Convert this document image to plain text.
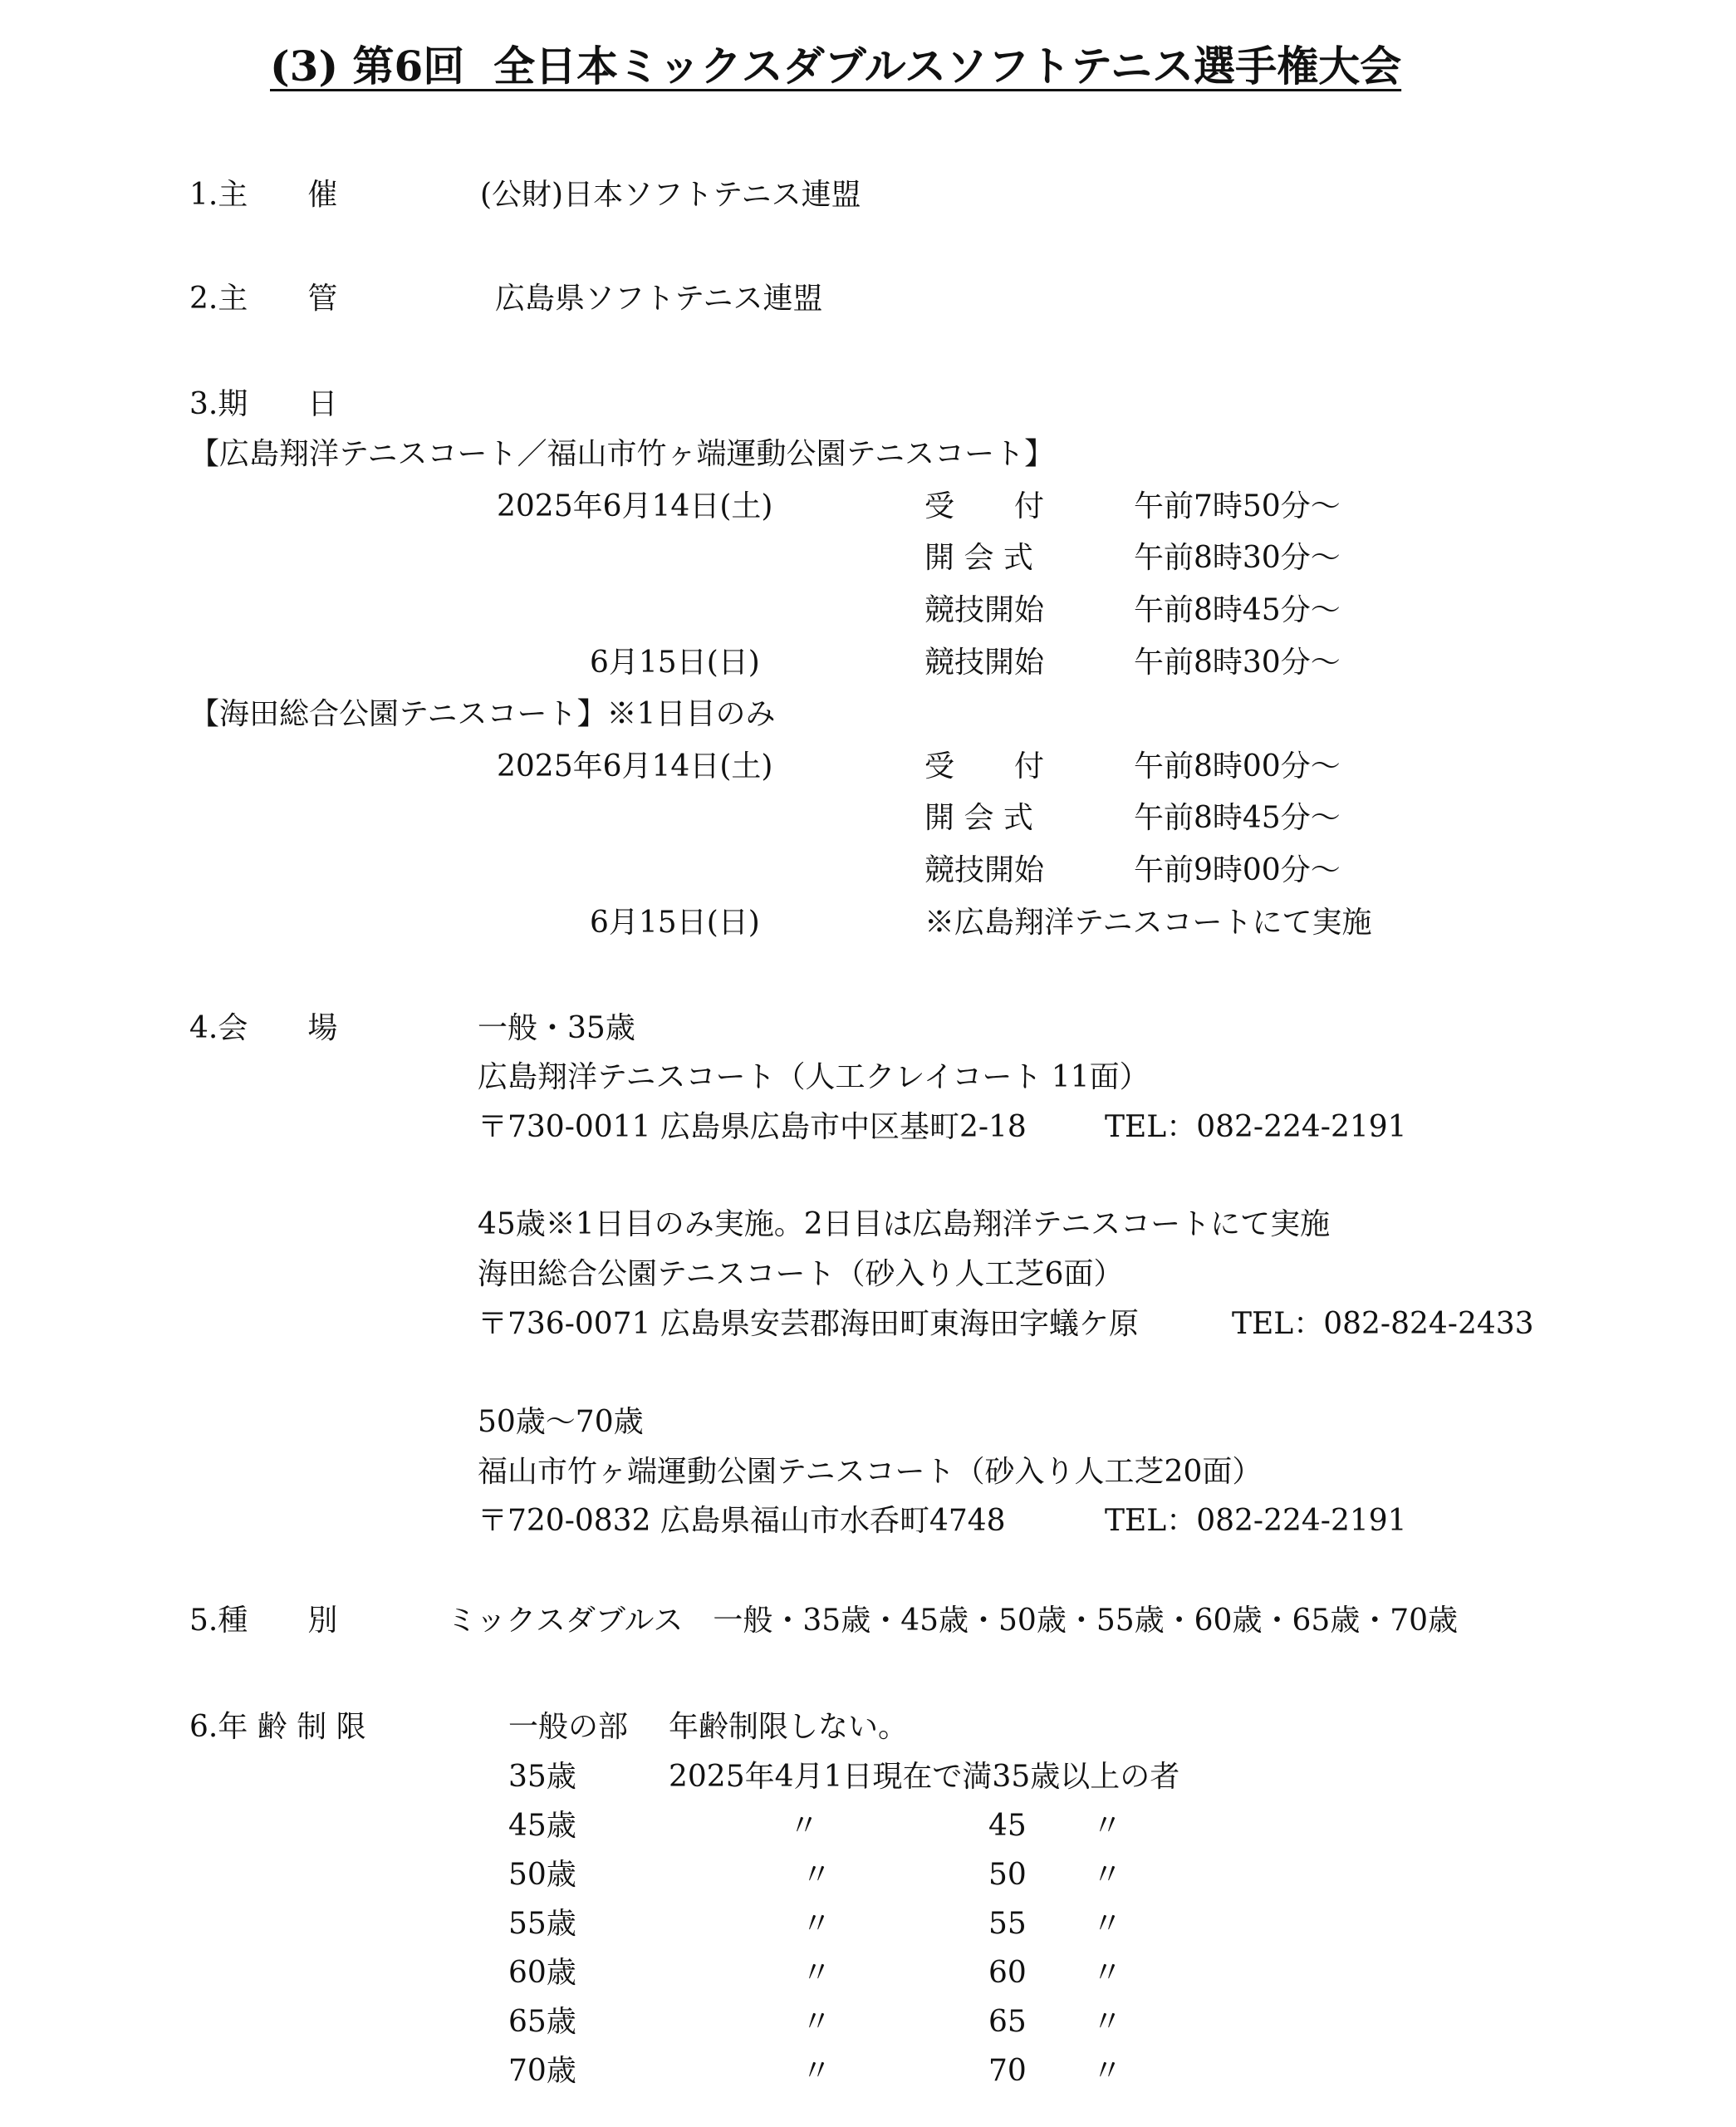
(3) 第6回  全日本ミックスダブルスソフトテニス選手権大会
1.主　　催	(公財)日本ソフトテニス連盟
2.主　　管	広島県ソフトテニス連盟
3.期　　日
【広島翔洋テニスコート／福山市竹ヶ端運動公園テニスコート】
2025年6月14日(土)	受　　付	午前7時50分～
開 会 式	午前8時30分～
競技開始	午前8時45分～
6月15日(日)	競技開始	午前8時30分～
【海田総合公園テニスコート】※1日目のみ
2025年6月14日(土)	受　　付	午前8時00分～
開 会 式	午前8時45分～
競技開始	午前9時00分～
6月15日(日)	※広島翔洋テニスコートにて実施
4.会　　場	一般・35歳
広島翔洋テニスコート（人工クレイコート 11面）
〒730-0011 広島県広島市中区基町2-18	TEL：082-224-2191
45歳※1日目のみ実施。2日目は広島翔洋テニスコートにて実施
海田総合公園テニスコート（砂入り人工芝6面）
〒736-0071 広島県安芸郡海田町東海田字蟻ケ原	TEL：082-824-2433
50歳～70歳
福山市竹ヶ端運動公園テニスコート（砂入り人工芝20面）
〒720-0832 広島県福山市水呑町4748	TEL：082-224-2191
5.種　　別	ミックスダブルス　一般・35歳・45歳・50歳・55歳・60歳・65歳・70歳
6.年 齢 制 限	一般の部 年齢制限しない。
35歳	2025年4月1日現在で満35歳以上の者
45歳	〃	45 〃
50歳	〃	50 〃
55歳	〃	55 〃
60歳	〃	60 〃
65歳	〃	65 〃
70歳	〃	70 〃
